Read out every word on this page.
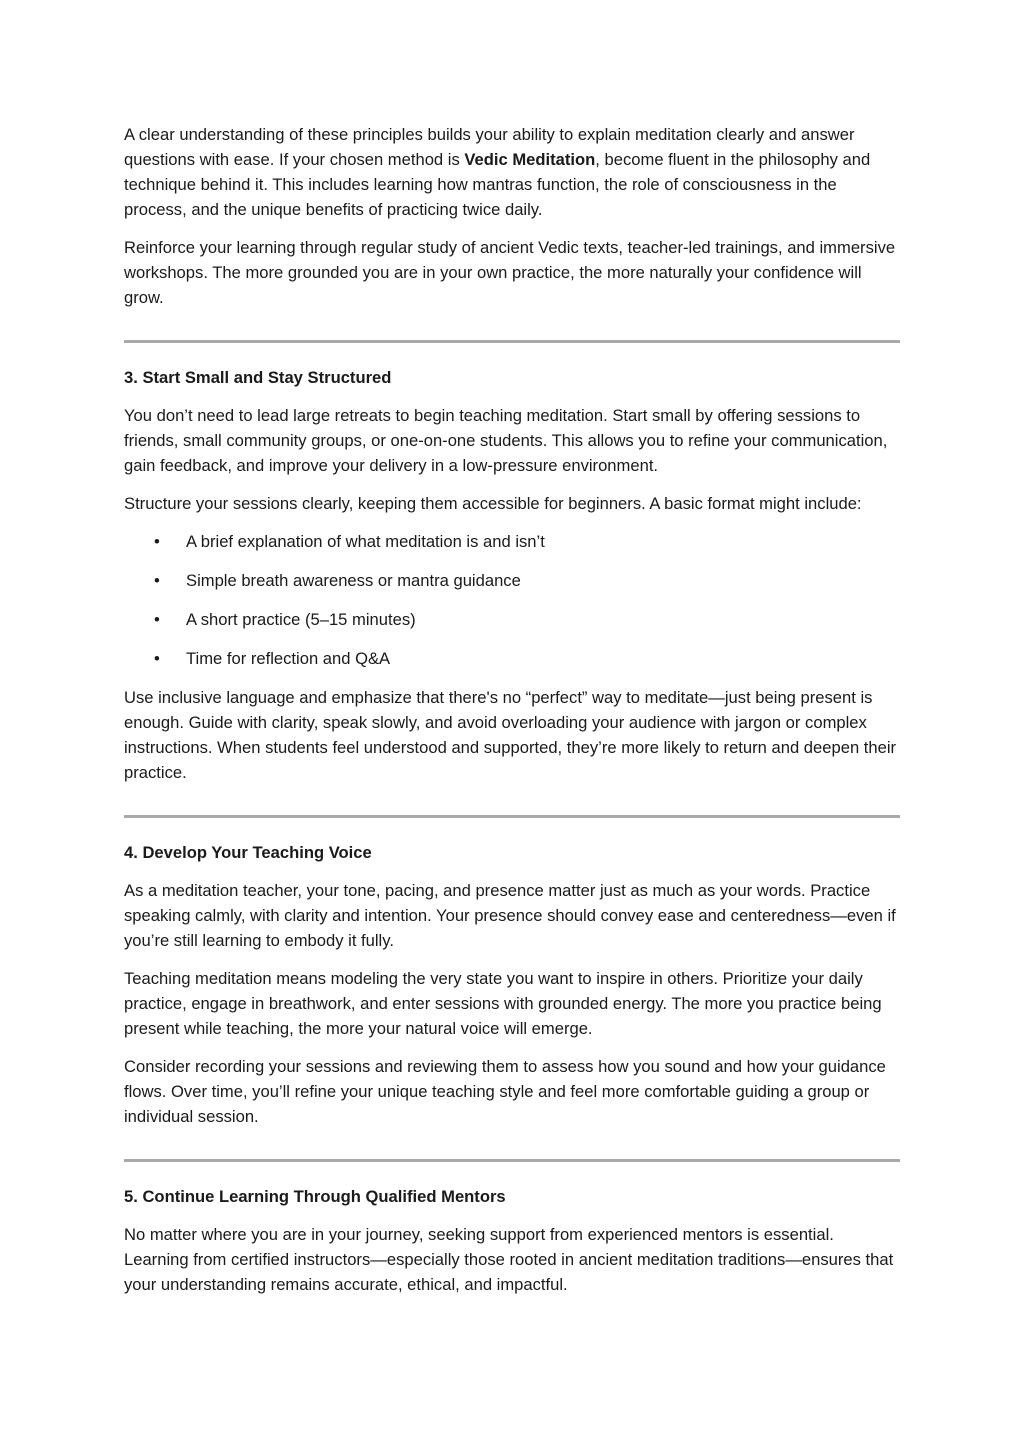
A clear understanding of these principles builds your ability to explain meditation clearly and answer questions with ease. If your chosen method is Vedic Meditation, become fluent in the philosophy and technique behind it. This includes learning how mantras function, the role of consciousness in the process, and the unique benefits of practicing twice daily.

Reinforce your learning through regular study of ancient Vedic texts, teacher-led trainings, and immersive workshops. The more grounded you are in your own practice, the more naturally your confidence will grow.

3. Start Small and Stay Structured

You don’t need to lead large retreats to begin teaching meditation. Start small by offering sessions to friends, small community groups, or one-on-one students. This allows you to refine your communication, gain feedback, and improve your delivery in a low-pressure environment.

Structure your sessions clearly, keeping them accessible for beginners. A basic format might include:

• A brief explanation of what meditation is and isn’t
• Simple breath awareness or mantra guidance
• A short practice (5–15 minutes)
• Time for reflection and Q&A

Use inclusive language and emphasize that there's no “perfect” way to meditate—just being present is enough. Guide with clarity, speak slowly, and avoid overloading your audience with jargon or complex instructions. When students feel understood and supported, they’re more likely to return and deepen their practice.

4. Develop Your Teaching Voice

As a meditation teacher, your tone, pacing, and presence matter just as much as your words. Practice speaking calmly, with clarity and intention. Your presence should convey ease and centeredness—even if you’re still learning to embody it fully.

Teaching meditation means modeling the very state you want to inspire in others. Prioritize your daily practice, engage in breathwork, and enter sessions with grounded energy. The more you practice being present while teaching, the more your natural voice will emerge.

Consider recording your sessions and reviewing them to assess how you sound and how your guidance flows. Over time, you’ll refine your unique teaching style and feel more comfortable guiding a group or individual session.

5. Continue Learning Through Qualified Mentors

No matter where you are in your journey, seeking support from experienced mentors is essential. Learning from certified instructors—especially those rooted in ancient meditation traditions—ensures that your understanding remains accurate, ethical, and impactful.
